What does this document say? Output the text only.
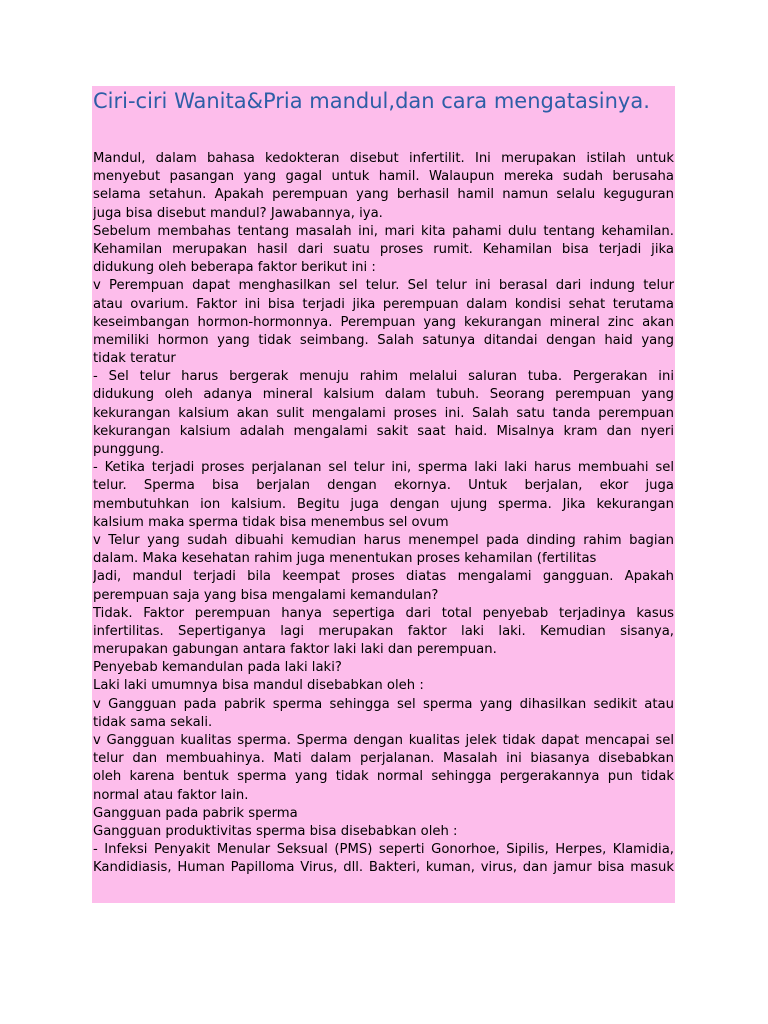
Ciri-ciri Wanita&Pria mandul,dan cara mengatasinya.
Mandul, dalam bahasa kedokteran disebut infertilit. Ini merupakan istilah untuk
menyebut pasangan yang gagal untuk hamil. Walaupun mereka sudah berusaha
selama setahun. Apakah perempuan yang berhasil hamil namun selalu keguguran
juga bisa disebut mandul? Jawabannya, iya.
Sebelum membahas tentang masalah ini, mari kita pahami dulu tentang kehamilan.
Kehamilan merupakan hasil dari suatu proses rumit. Kehamilan bisa terjadi jika
didukung oleh beberapa faktor berikut ini :
v Perempuan dapat menghasilkan sel telur. Sel telur ini berasal dari indung telur
atau ovarium. Faktor ini bisa terjadi jika perempuan dalam kondisi sehat terutama
keseimbangan hormon-hormonnya. Perempuan yang kekurangan mineral zinc akan
memiliki hormon yang tidak seimbang. Salah satunya ditandai dengan haid yang
tidak teratur
- Sel telur harus bergerak menuju rahim melalui saluran tuba. Pergerakan ini
didukung oleh adanya mineral kalsium dalam tubuh. Seorang perempuan yang
kekurangan kalsium akan sulit mengalami proses ini. Salah satu tanda perempuan
kekurangan kalsium adalah mengalami sakit saat haid. Misalnya kram dan nyeri
punggung.
- Ketika terjadi proses perjalanan sel telur ini, sperma laki laki harus membuahi sel
telur. Sperma bisa berjalan dengan ekornya. Untuk berjalan, ekor juga
membutuhkan ion kalsium. Begitu juga dengan ujung sperma. Jika kekurangan
kalsium maka sperma tidak bisa menembus sel ovum
v Telur yang sudah dibuahi kemudian harus menempel pada dinding rahim bagian
dalam. Maka kesehatan rahim juga menentukan proses kehamilan (fertilitas
Jadi, mandul terjadi bila keempat proses diatas mengalami gangguan. Apakah
perempuan saja yang bisa mengalami kemandulan?
Tidak. Faktor perempuan hanya sepertiga dari total penyebab terjadinya kasus
infertilitas. Sepertiganya lagi merupakan faktor laki laki. Kemudian sisanya,
merupakan gabungan antara faktor laki laki dan perempuan.
Penyebab kemandulan pada laki laki?
Laki laki umumnya bisa mandul disebabkan oleh :
v Gangguan pada pabrik sperma sehingga sel sperma yang dihasilkan sedikit atau
tidak sama sekali.
v Gangguan kualitas sperma. Sperma dengan kualitas jelek tidak dapat mencapai sel
telur dan membuahinya. Mati dalam perjalanan. Masalah ini biasanya disebabkan
oleh karena bentuk sperma yang tidak normal sehingga pergerakannya pun tidak
normal atau faktor lain.
Gangguan pada pabrik sperma
Gangguan produktivitas sperma bisa disebabkan oleh :
- Infeksi Penyakit Menular Seksual (PMS) seperti Gonorhoe, Sipilis, Herpes, Klamidia,
Kandidiasis, Human Papilloma Virus, dll. Bakteri, kuman, virus, dan jamur bisa masuk
